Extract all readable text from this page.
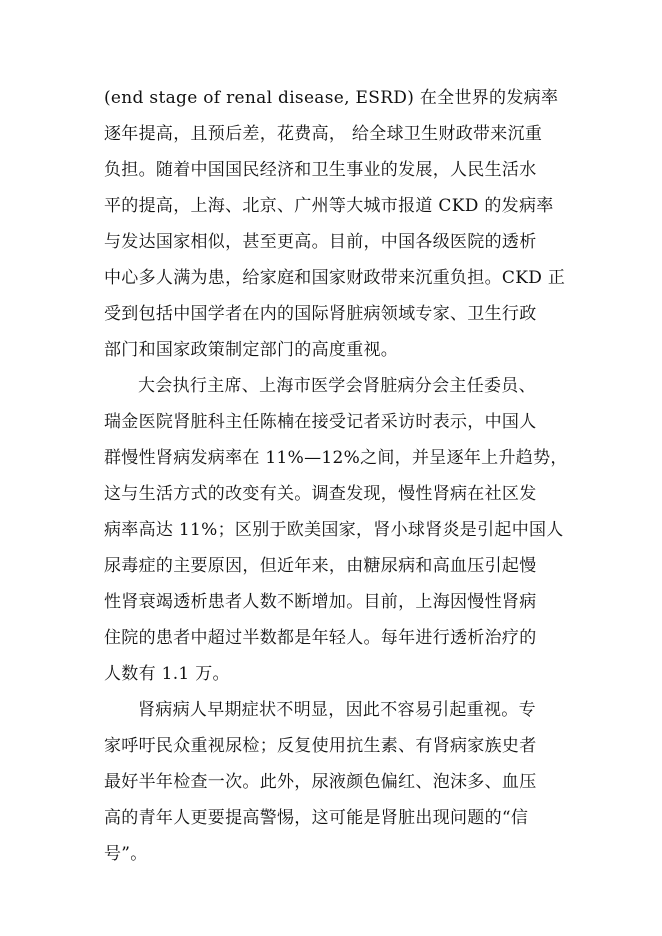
(end stage of renal disease, ESRD) 在全世界的发病率
逐年提高，且预后差，花费高， 给全球卫生财政带来沉重
负担。随着中国国民经济和卫生事业的发展，人民生活水
平的提高，上海、北京、广州等大城市报道 CKD 的发病率
与发达国家相似，甚至更高。目前，中国各级医院的透析
中心多人满为患，给家庭和国家财政带来沉重负担。CKD 正
受到包括中国学者在内的国际肾脏病领域专家、卫生行政
部门和国家政策制定部门的高度重视。
大会执行主席、上海市医学会肾脏病分会主任委员、
瑞金医院肾脏科主任陈楠在接受记者采访时表示，中国人
群慢性肾病发病率在 11%—12%之间，并呈逐年上升趋势，
这与生活方式的改变有关。调查发现，慢性肾病在社区发
病率高达 11%；区别于欧美国家，肾小球肾炎是引起中国人
尿毒症的主要原因，但近年来，由糖尿病和高血压引起慢
性肾衰竭透析患者人数不断增加。目前，上海因慢性肾病
住院的患者中超过半数都是年轻人。每年进行透析治疗的
人数有 1.1 万。
肾病病人早期症状不明显，因此不容易引起重视。专
家呼吁民众重视尿检；反复使用抗生素、有肾病家族史者
最好半年检查一次。此外，尿液颜色偏红、泡沫多、血压
高的青年人更要提高警惕，这可能是肾脏出现问题的“信
号”。
